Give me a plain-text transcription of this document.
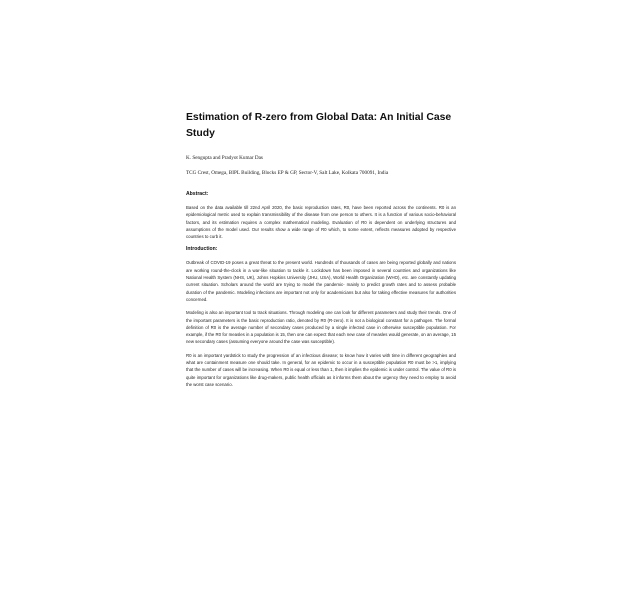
Estimation of R-zero from Global Data: An Initial Case
Study

K. Sengupta and Pradyot Kumar Das

TCG Crest, Omega, BIPL Building, Blocks EP & GP, Sector-V, Salt Lake, Kolkata 700091, India

Abstract:

Based on the data available till 22nd April 2020, the basic reproduction rates, R0, have been reported across the continents. R0 is an epidemiological metric used to explain transmissibility of the disease from one person to others. It is a function of various socio-behavioral factors, and its estimation requires a complex mathematical modeling. Evaluation of R0 is dependent on underlying structures and assumptions of the model used. Our results show a wide range of R0 which, to some extent, reflects measures adopted by respective countries to curb it.

Introduction:

Outbreak of COVID-19 poses a great threat to the present world. Hundreds of thousands of cases are being reported globally and nations are working round-the-clock in a war-like situation to tackle it. Lockdown has been imposed in several countries and organizations like National Health System (NHS, UK), Johns Hopkins University (JHU, USA), World Health Organization (WHO), etc. are constantly updating current situation. Scholars around the world are trying to model the pandemic- mainly to predict growth rates and to assess probable duration of the pandemic. Modeling infections are important not only for academicians but also for taking effective measures for authorities concerned.

Modeling is also an important tool to track situations. Through modeling one can look for different parameters and study their trends. One of the important parameters is the basic reproduction ratio, denoted by R0 (R-zero). It is not a biological constant for a pathogen. The formal definition of R0 is the average number of secondary cases produced by a single infected case in otherwise susceptible population. For example, if the R0 for measles in a population is 15, then one can expect that each new case of measles would generate, on an average, 15 new secondary cases (assuming everyone around the case was susceptible).

R0 is an important yardstick to study the progression of an infectious disease; to know how it varies with time in different geographies and what are containment measure one should take. In general, for an epidemic to occur in a susceptible population R0 must be >1, implying that the number of cases will be increasing. When R0 is equal or less than 1, then it implies the epidemic is under control. The value of R0 is quite important for organizations like drug-makers, public health officials as it informs them about the urgency they need to employ to avoid the worst case scenario.
